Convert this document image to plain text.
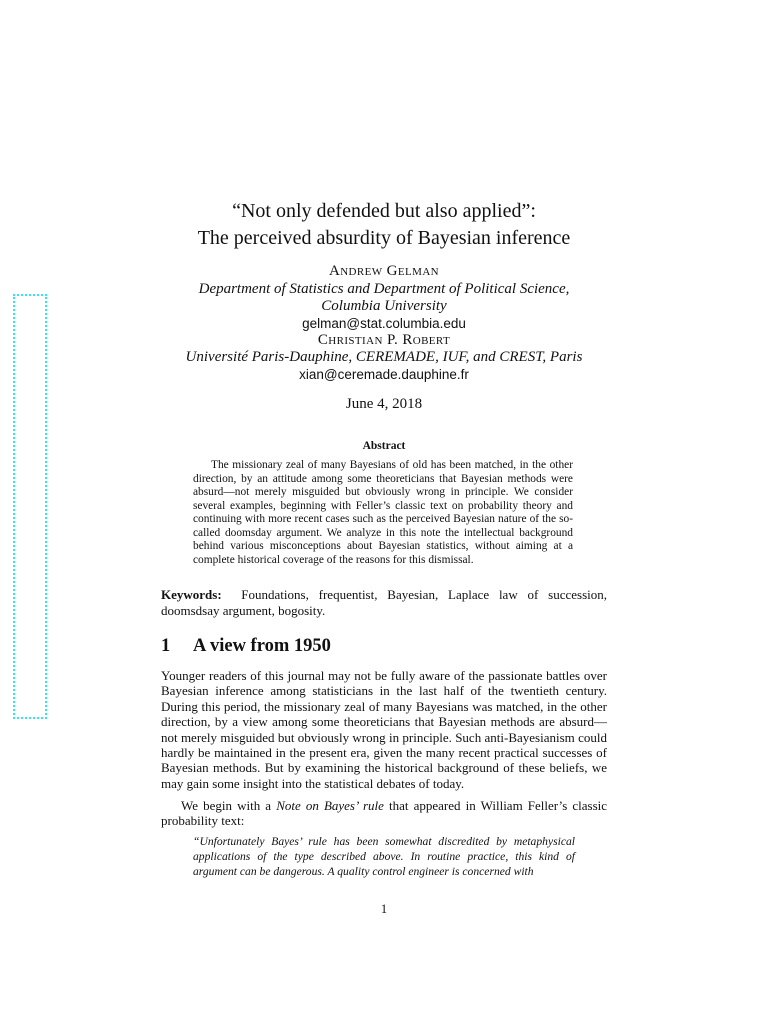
“Not only defended but also applied”:
The perceived absurdity of Bayesian inference
Andrew Gelman
Department of Statistics and Department of Political Science,
Columbia University
gelman@stat.columbia.edu
Christian P. Robert
Université Paris-Dauphine, CEREMADE, IUF, and CREST, Paris
xian@ceremade.dauphine.fr
June 4, 2018
Abstract

The missionary zeal of many Bayesians of old has been matched, in the other direction, by an attitude among some theoreticians that Bayesian methods were absurd—not merely misguided but obviously wrong in principle. We consider several examples, beginning with Feller’s classic text on probability theory and continuing with more recent cases such as the perceived Bayesian nature of the so-called doomsday argument. We analyze in this note the intellectual background behind various misconceptions about Bayesian statistics, without aiming at a complete historical coverage of the reasons for this dismissal.

Keywords: Foundations, frequentist, Bayesian, Laplace law of succession, doomsdsay argument, bogosity.

1 A view from 1950

Younger readers of this journal may not be fully aware of the passionate battles over Bayesian inference among statisticians in the last half of the twentieth century. During this period, the missionary zeal of many Bayesians was matched, in the other direction, by a view among some theoreticians that Bayesian methods are absurd—not merely misguided but obviously wrong in principle. Such anti-Bayesianism could hardly be maintained in the present era, given the many recent practical successes of Bayesian methods. But by examining the historical background of these beliefs, we may gain some insight into the statistical debates of today.

We begin with a Note on Bayes’ rule that appeared in William Feller’s classic probability text:

“Unfortunately Bayes’ rule has been somewhat discredited by metaphysical applications of the type described above. In routine practice, this kind of argument can be dangerous. A quality control engineer is concerned with

1
